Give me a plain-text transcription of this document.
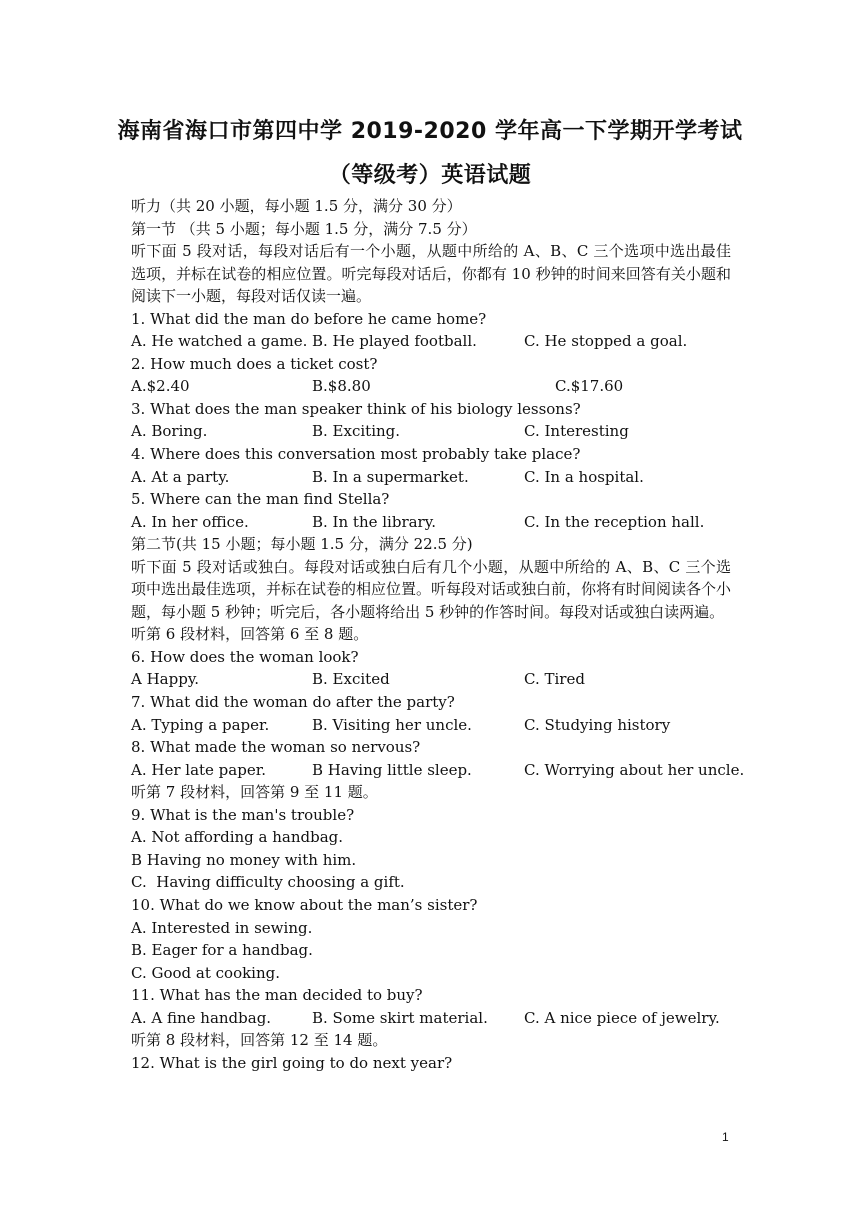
海南省海口市第四中学 2019-2020 学年高一下学期开学考试
（等级考）英语试题
听力（共 20 小题，每小题 1.5 分，满分 30 分）
第一节 （共 5 小题；每小题 1.5 分，满分 7.5 分）
听下面 5 段对话，每段对话后有一个小题，从题中所给的 A、B、C 三个选项中选出最佳选项，并标在试卷的相应位置。听完每段对话后，你都有 10 秒钟的时间来回答有关小题和阅读下一小题，每段对话仅读一遍。
1. What did the man do before he came home?
A. He watched a game. B. He played football.	C. He stopped a goal.
2. How much does a ticket cost?
A.$2.40	B.$8.80	C.$17.60
3. What does the man speaker think of his biology lessons?
A. Boring.	B. Exciting.	C. Interesting
4. Where does this conversation most probably take place?
A. At a party.	B. In a supermarket.	C. In a hospital.
5. Where can the man find Stella?
A. In her office.	B. In the library.	C. In the reception hall.
第二节(共 15 小题；每小题 1.5 分，满分 22.5 分)
听下面 5 段对话或独白。每段对话或独白后有几个小题，从题中所给的 A、B、C 三个选项中选出最佳选项，并标在试卷的相应位置。听每段对话或独白前，你将有时间阅读各个小题，每小题 5 秒钟；听完后，各小题将给出 5 秒钟的作答时间。每段对话或独白读两遍。
听第 6 段材料，回答第 6 至 8 题。
6. How does the woman look?
A Happy.	B. Excited	C. Tired
7. What did the woman do after the party?
A. Typing a paper.	B. Visiting her uncle.	C. Studying history
8. What made the woman so nervous?
A. Her late paper.	B Having little sleep.	C. Worrying about her uncle.
听第 7 段材料，回答第 9 至 11 题。
9. What is the man's trouble?
A. Not affording a handbag.
B Having no money with him.
C.  Having difficulty choosing a gift.
10. What do we know about the man’s sister?
A. Interested in sewing.
B. Eager for a handbag.
C. Good at cooking.
11. What has the man decided to buy?
A. A fine handbag.	B. Some skirt material. C. A nice piece of jewelry.
听第 8 段材料，回答第 12 至 14 题。
12. What is the girl going to do next year?
1
